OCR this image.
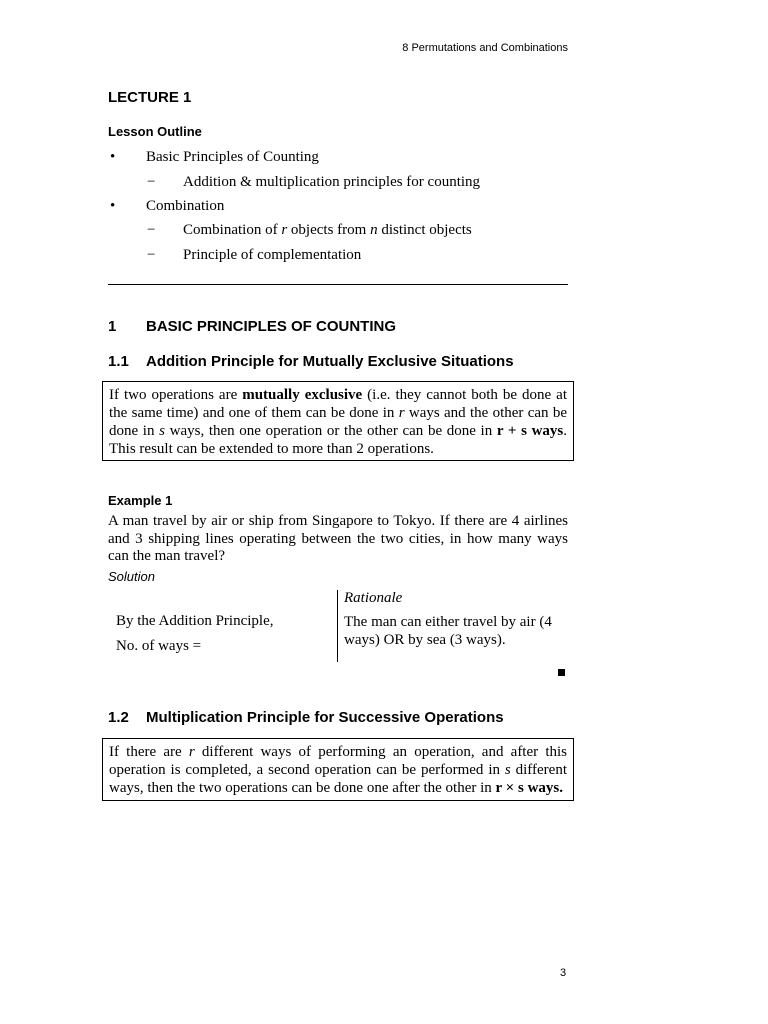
8 Permutations and Combinations
LECTURE 1
Lesson Outline
• Basic Principles of Counting
− Addition & multiplication principles for counting
• Combination
− Combination of r objects from n distinct objects
− Principle of complementation
1 BASIC PRINCIPLES OF COUNTING
1.1 Addition Principle for Mutually Exclusive Situations
If two operations are mutually exclusive (i.e. they cannot both be done at the same time) and one of them can be done in r ways and the other can be done in s ways, then one operation or the other can be done in r + s ways. This result can be extended to more than 2 operations.
Example 1
A man travel by air or ship from Singapore to Tokyo. If there are 4 airlines and 3 shipping lines operating between the two cities, in how many ways can the man travel?
Solution
By the Addition Principle,
No. of ways =
Rationale
The man can either travel by air (4 ways) OR by sea (3 ways).
1.2 Multiplication Principle for Successive Operations
If there are r different ways of performing an operation, and after this operation is completed, a second operation can be performed in s different ways, then the two operations can be done one after the other in r × s ways.
3
